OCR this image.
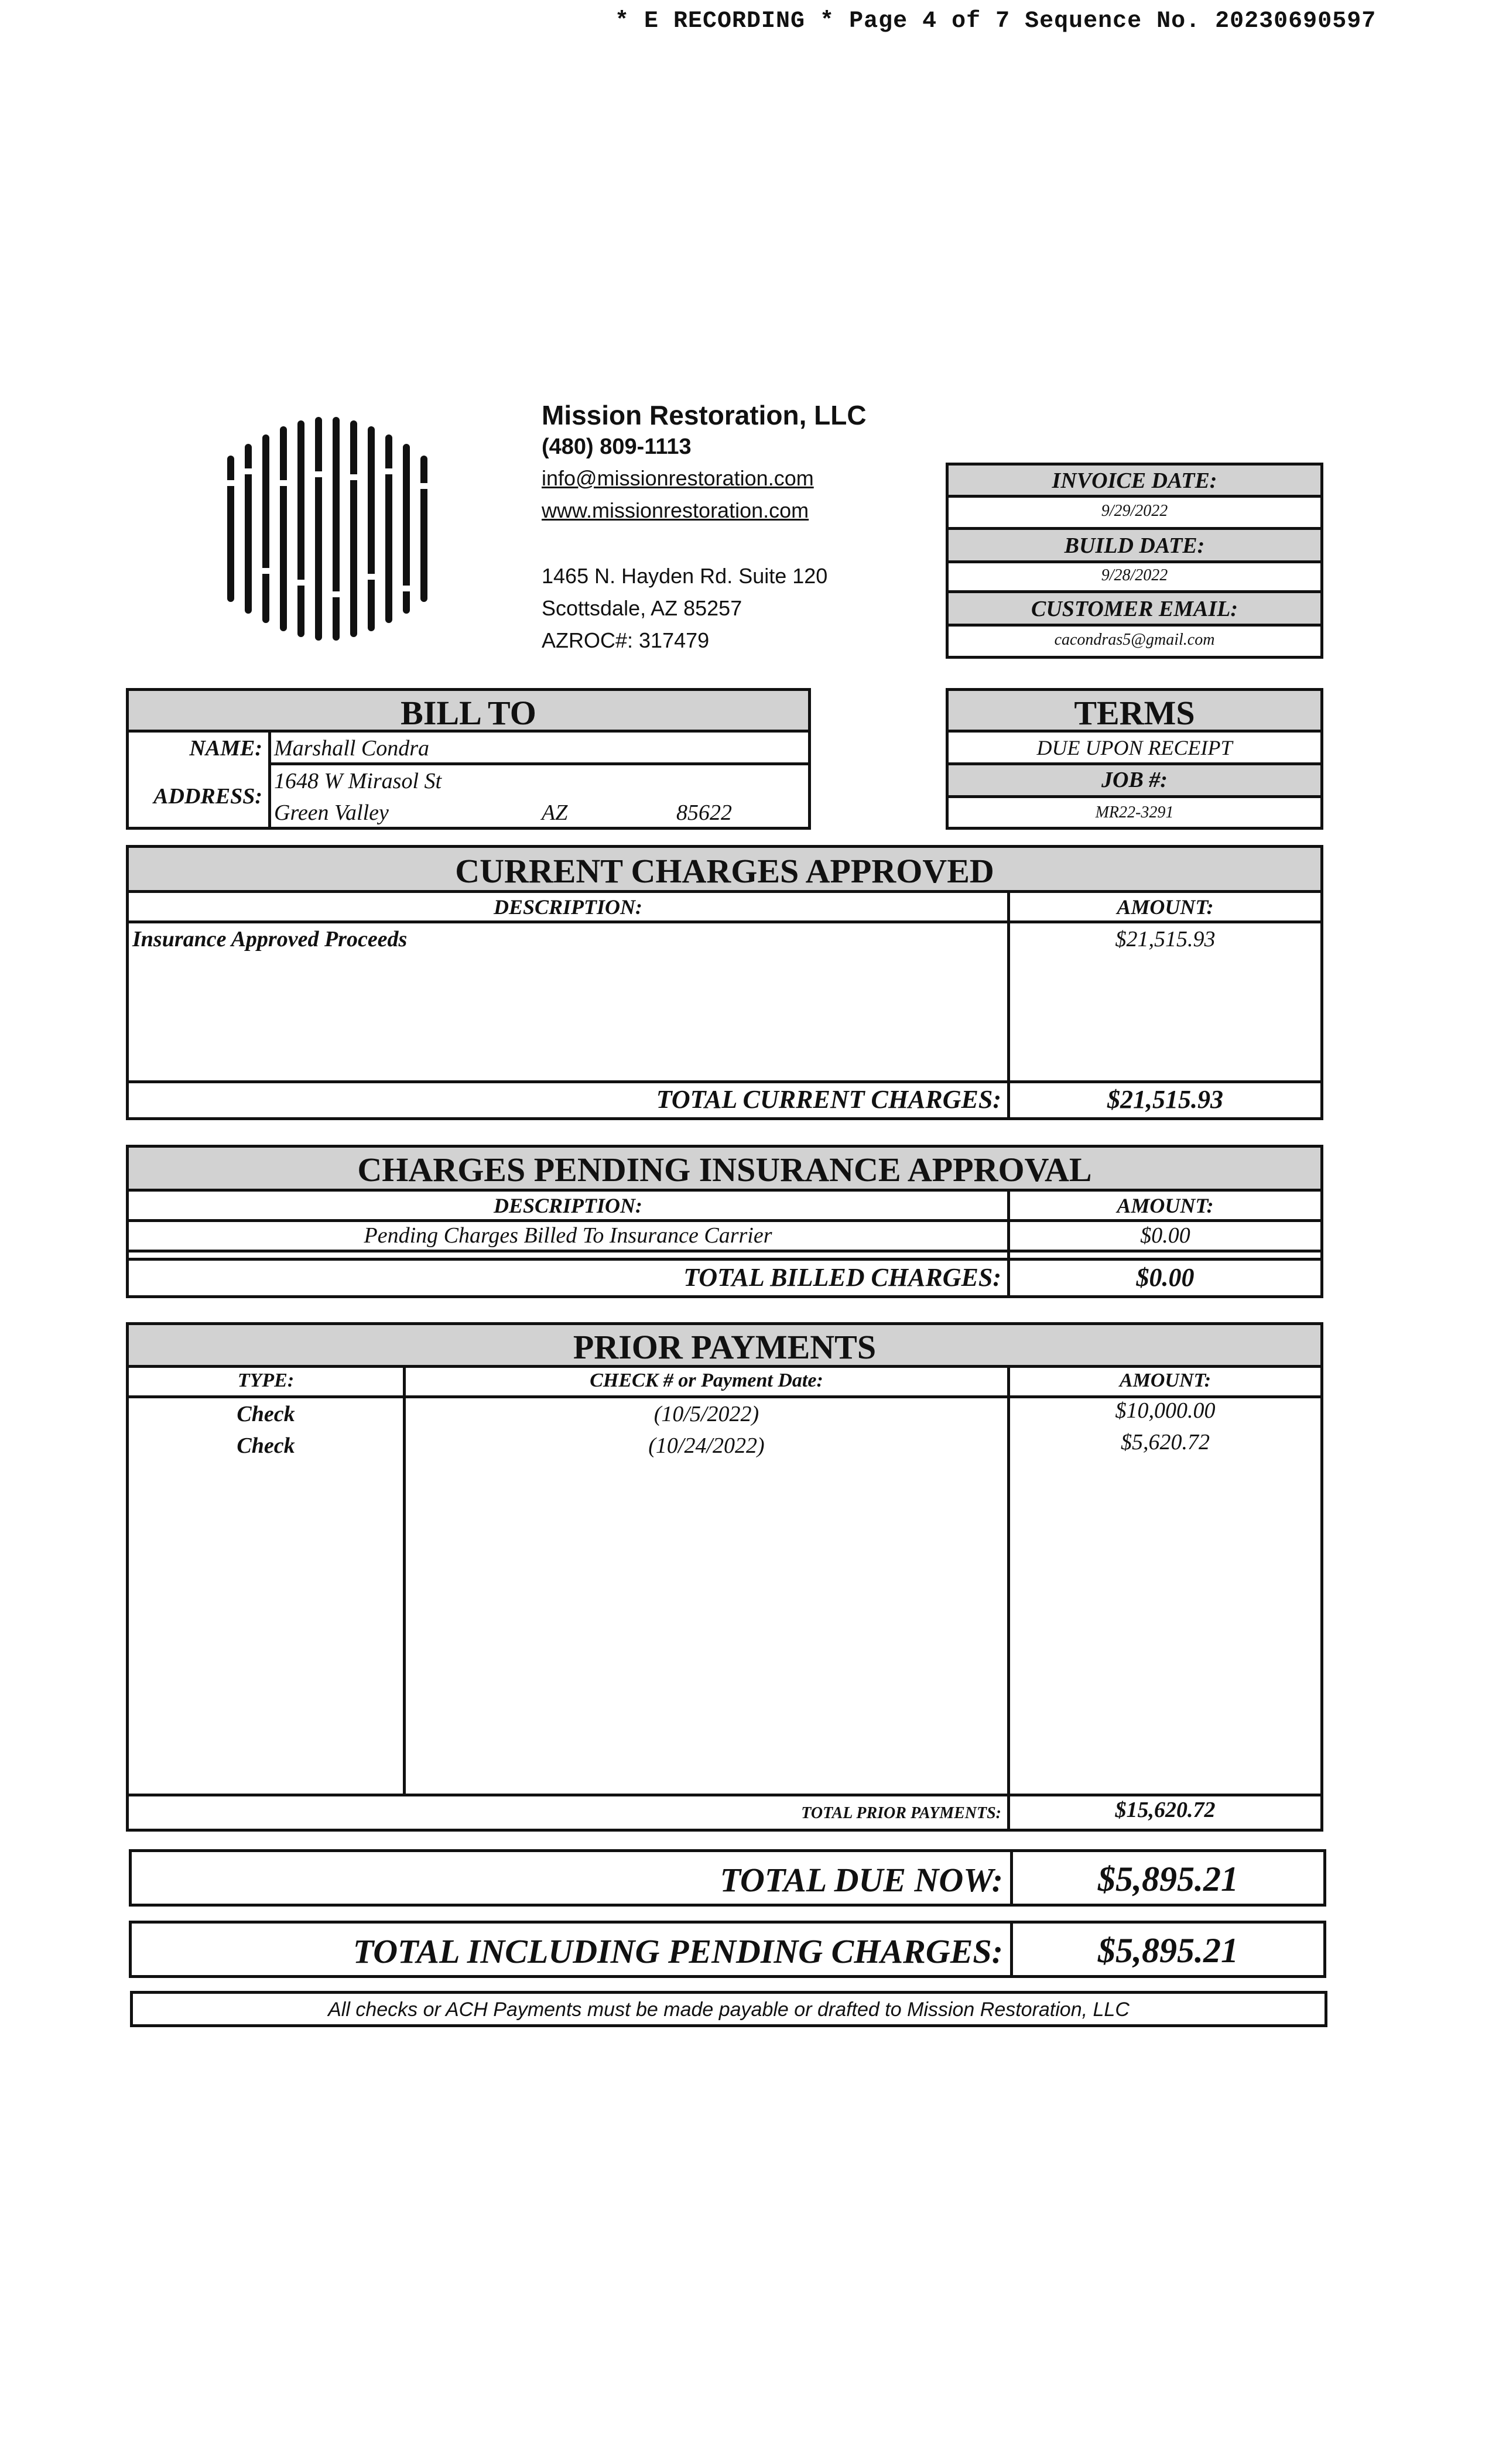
* E RECORDING * Page 4 of 7 Sequence No. 20230690597
Mission Restoration, LLC
(480) 809-1113
info@missionrestoration.com
www.missionrestoration.com
1465 N. Hayden Rd. Suite 120
Scottsdale, AZ 85257
AZROC#: 317479
INVOICE DATE:
9/29/2022
BUILD DATE:
9/28/2022
CUSTOMER EMAIL:
cacondras5@gmail.com
BILL TO
NAME: Marshall Condra
ADDRESS:
1648 W Mirasol St
Green Valley	AZ	85622
TERMS
DUE UPON RECEIPT
JOB #:
MR22-3291
CURRENT CHARGES APPROVED
DESCRIPTION:	AMOUNT:
Insurance Approved Proceeds	$21,515.93
TOTAL CURRENT CHARGES:	$21,515.93
CHARGES PENDING INSURANCE APPROVAL
DESCRIPTION:	AMOUNT:
Pending Charges Billed To Insurance Carrier	$0.00
TOTAL BILLED CHARGES:	$0.00
PRIOR PAYMENTS
TYPE:	CHECK # or Payment Date:	AMOUNT:
Check	(10/5/2022)	$10,000.00
Check	(10/24/2022)	$5,620.72
TOTAL PRIOR PAYMENTS:	$15,620.72
TOTAL DUE NOW:	$5,895.21
TOTAL INCLUDING PENDING CHARGES:	$5,895.21
All checks or ACH Payments must be made payable or drafted to Mission Restoration, LLC
